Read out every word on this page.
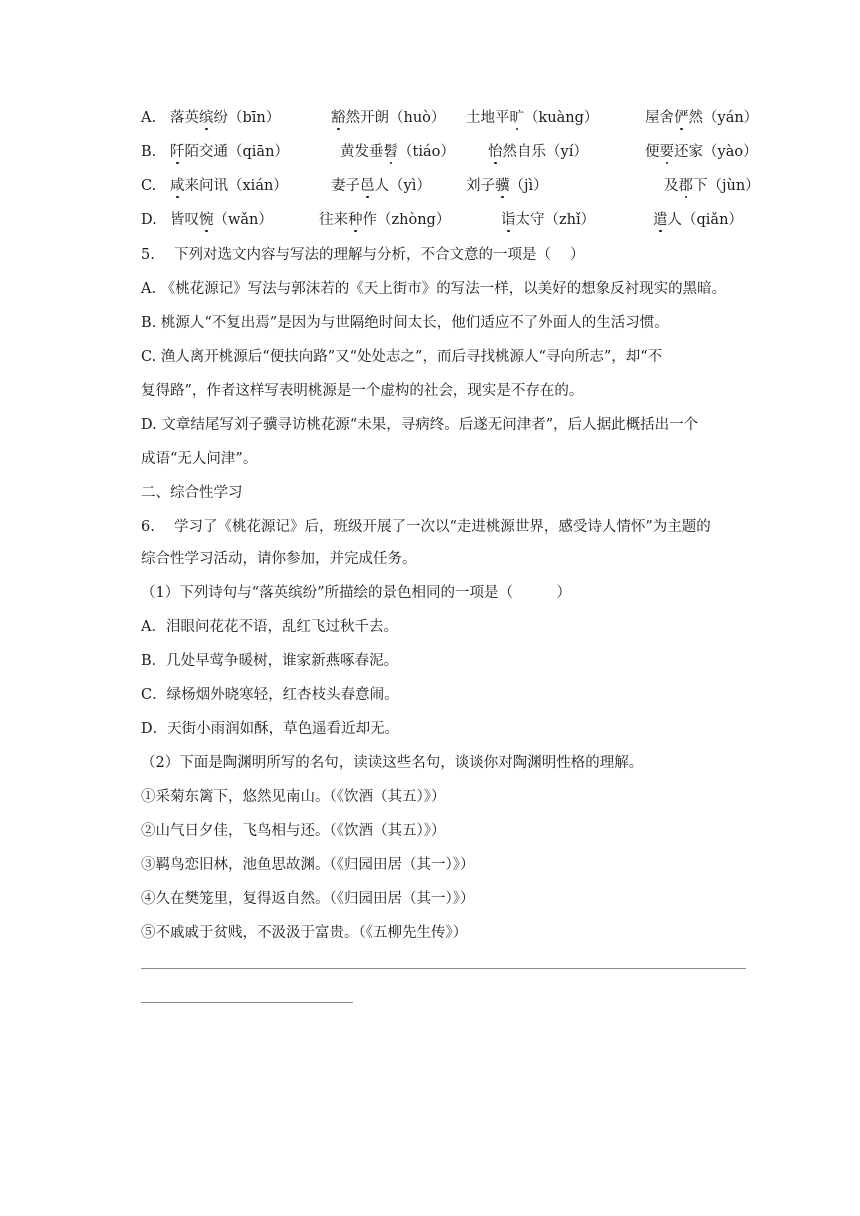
A. 落英缤纷（bīn）	豁然开朗（huò） 土地平旷（kuàng）	屋舍俨然（yán）
B. 阡陌交通（qiān）	黄发垂髫（tiáo） 怡然自乐（yí）	便要还家（yào）
C. 咸来问讯（xián）	妻子邑人（yì） 刘子骥（jì）	及郡下（jùn）
D. 皆叹惋（wǎn）	往来种作（zhòng）	诣太守（zhǐ）	遣人（qiǎn）
5.　 下列对选文内容与写法的理解与分析，不合文意的一项是（　 ）
A. 《桃花源记》写法与郭沫若的《天上街市》的写法一样，以美好的想象反衬现实的黑暗。
B. 桃源人“不复出焉”是因为与世隔绝时间太长，他们适应不了外面人的生活习惯。
C. 渔人离开桃源后“便扶向路”又“处处志之”，而后寻找桃源人“寻向所志”，却“不
复得路”，作者这样写表明桃源是一个虚构的社会，现实是不存在的。
D. 文章结尾写刘子骥寻访桃花源“未果，寻病终。后遂无问津者”，后人据此概括出一个
成语“无人问津”。
二、综合性学习
6.　 学习了《桃花源记》后，班级开展了一次以“走进桃源世界，感受诗人情怀”为主题的
综合性学习活动，请你参加，并完成任务。
（1）下列诗句与“落英缤纷”所描绘的景色相同的一项是（　　　）
A．泪眼问花花不语，乱红飞过秋千去。
B．几处早莺争暖树，谁家新燕啄春泥。
C．绿杨烟外晓寒轻，红杏枝头春意闹。
D．天街小雨润如酥，草色遥看近却无。
（2）下面是陶渊明所写的名句，读读这些名句，谈谈你对陶渊明性格的理解。
①采菊东篱下，悠然见南山。（《饮酒（其五）》）
②山气日夕佳，飞鸟相与还。（《饮酒（其五）》）
③羁鸟恋旧林，池鱼思故渊。（《归园田居（其一）》）
④久在樊笼里，复得返自然。（《归园田居（其一）》）
⑤不戚戚于贫贱，不汲汲于富贵。（《五柳先生传》）
